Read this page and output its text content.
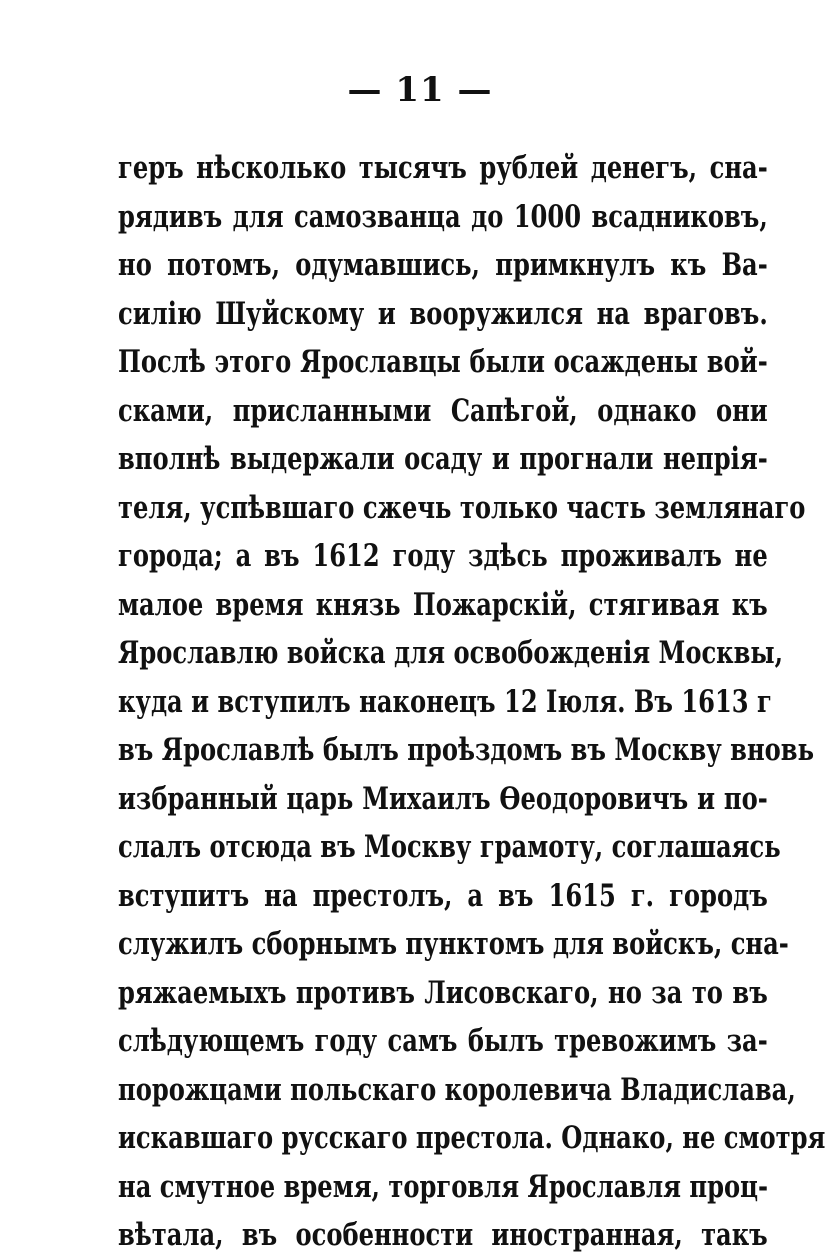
— 11 —
геръ нѣсколько тысячъ рублей денегъ, сна-
рядивъ для самозванца до 1000 всадниковъ,
но потомъ, одумавшись, примкнулъ къ Ва-
силію Шуйскому и вооружился на враговъ.
Послѣ этого Ярославцы были осаждены вой-
сками, присланными Сапѣгой, однако они
вполнѣ выдержали осаду и прогнали непрія-
теля, успѣвшаго сжечь только часть землянаго
города; а въ 1612 году здѣсь проживалъ не
малое время князь Пожарскій, стягивая къ
Ярославлю войска для освобожденія Москвы,
куда и вступилъ наконецъ 12 Іюля. Въ 1613 г
въ Ярославлѣ былъ проѣздомъ въ Москву вновь
избранный царь Михаилъ Ѳеодоровичъ и по-
слалъ отсюда въ Москву грамоту, соглашаясь
вступитъ на престолъ, а въ 1615 г. городъ
служилъ сборнымъ пунктомъ для войскъ, сна-
ряжаемыхъ противъ Лисовскаго, но за то въ
слѣдующемъ году самъ былъ тревожимъ за-
порожцами польскаго королевича Владислава,
искавшаго русскаго престола. Однако, не смотря
на смутное время, торговля Ярославля проц-
вѣтала, въ особенности иностранная, такъ
